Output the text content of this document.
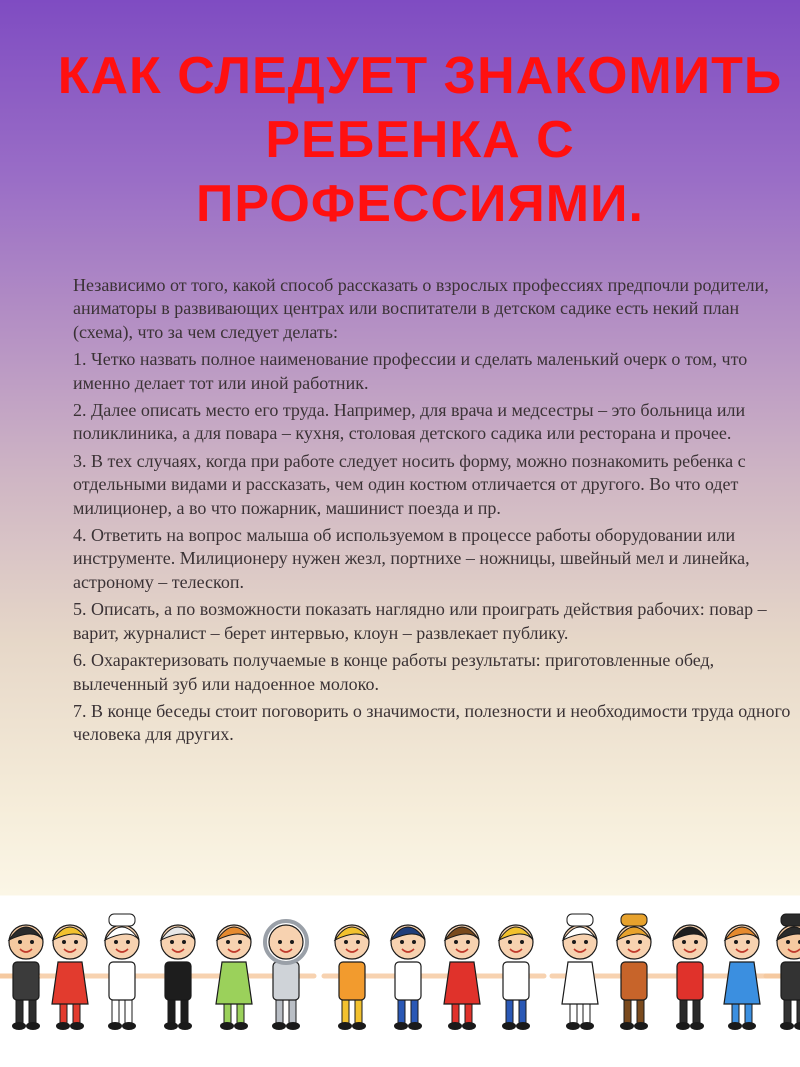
КАК СЛЕДУЕТ ЗНАКОМИТЬ
РЕБЕНКА С
ПРОФЕССИЯМИ.

Независимо от того, какой способ рассказать о взрослых профессиях предпочли родители, аниматоры в развивающих центрах или воспитатели в детском садике есть некий план (схема), что за чем следует делать:

1. Четко назвать полное наименование профессии и сделать маленький очерк о том, что именно делает тот или иной работник.

2. Далее описать место его труда. Например, для врача и медсестры – это больница или поликлиника, а для повара – кухня, столовая детского садика или ресторана и прочее.

3. В тех случаях, когда при работе следует носить форму, можно познакомить ребенка с отдельными видами и рассказать, чем один костюм отличается от другого. Во что одет милиционер, а во что пожарник, машинист поезда и пр.

4. Ответить на вопрос малыша об используемом в процессе работы оборудовании или инструменте. Милиционеру нужен жезл, портнихе – ножницы, швейный мел и линейка, астроному – телескоп.

5. Описать, а по возможности показать наглядно или проиграть действия рабочих: повар – варит, журналист – берет интервью, клоун – развлекает публику.

6. Охарактеризовать получаемые в конце работы результаты: приготовленные обед, вылеченный зуб или надоенное молоко.

7. В конце беседы стоит поговорить о значимости, полезности и необходимости труда одного человека для других.
